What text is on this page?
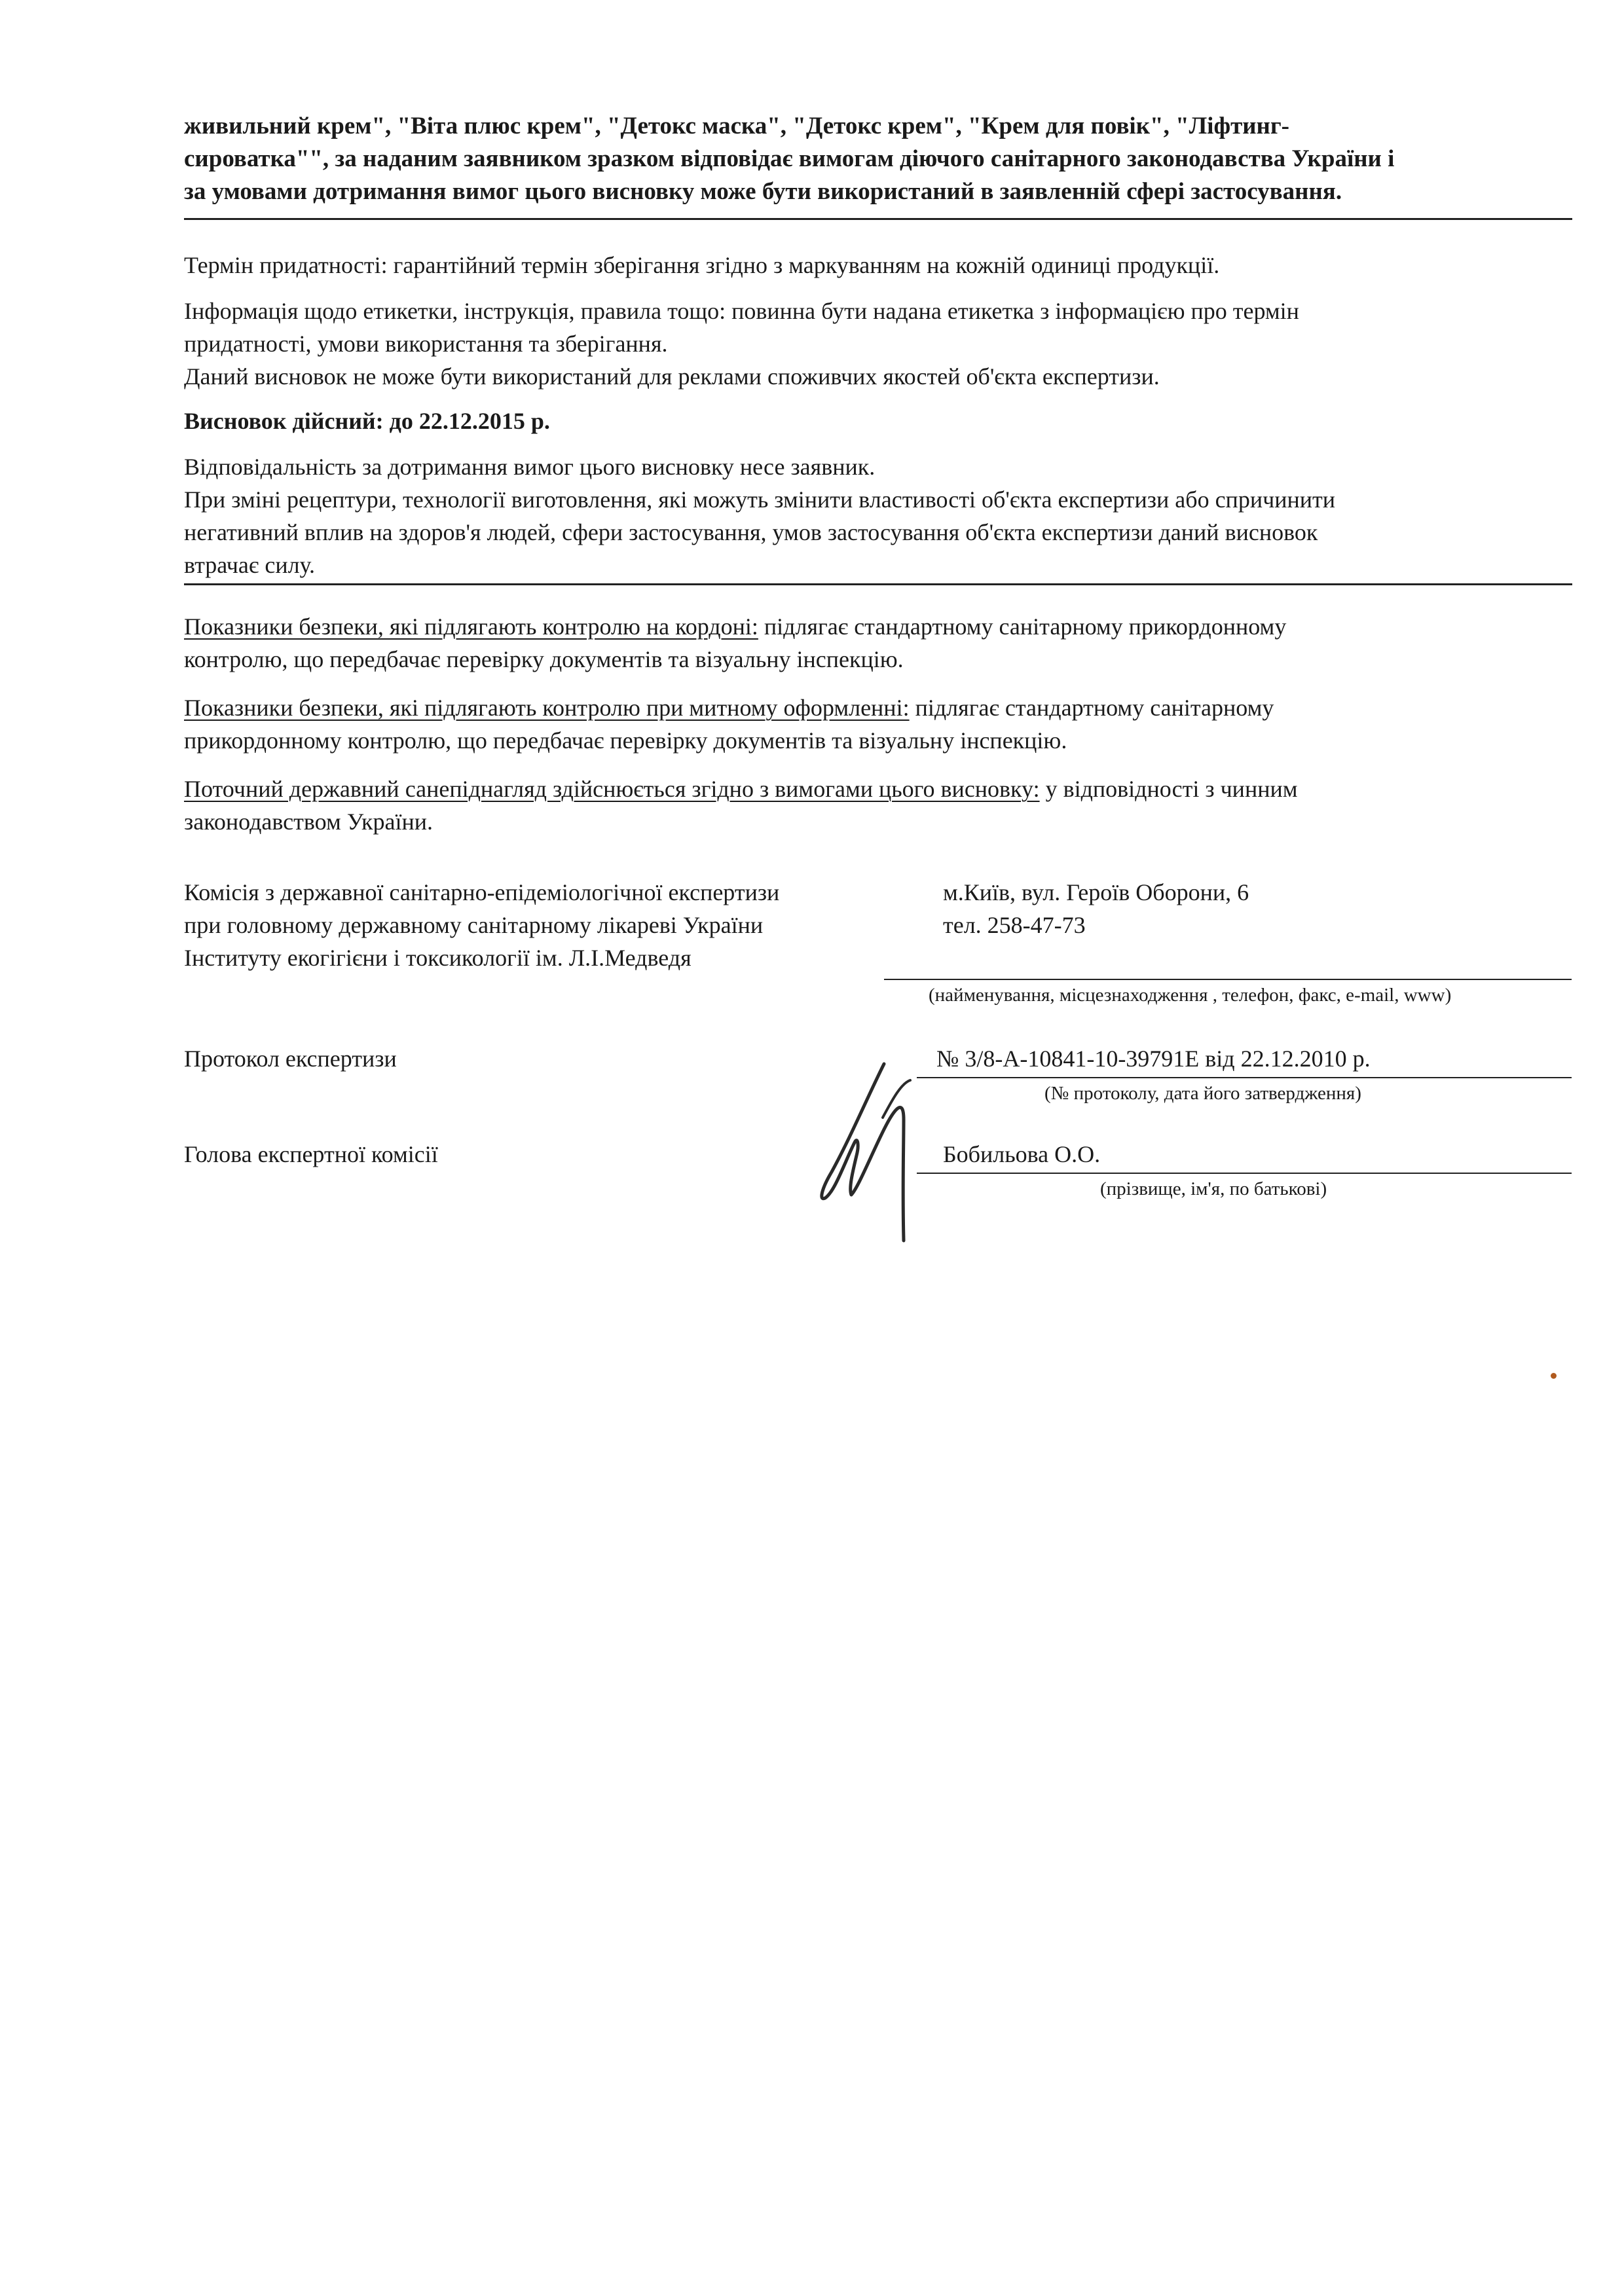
живильний крем", "Віта плюс крем", "Детокс маска", "Детокс крем", "Крем для повік", "Ліфтинг-

сироватка"", за наданим заявником зразком відповідає вимогам діючого санітарного законодавства України і

за умовами дотримання вимог цього висновку може бути використаний в заявленній сфері застосування.

Термін придатності: гарантійний термін зберігання згідно з маркуванням на кожній одиниці продукції.

Інформація щодо етикетки, інструкція, правила тощо: повинна бути надана етикетка з інформацією про термін

придатності, умови використання та зберігання.

Даний висновок не може бути використаний для реклами споживчих якостей об'єкта експертизи.

Висновок дійсний: до 22.12.2015 р.

Відповідальність за дотримання вимог цього висновку несе заявник.

При зміні рецептури, технології виготовлення, які можуть змінити властивості об'єкта експертизи або спричинити

негативний вплив на здоров'я людей, сфери застосування, умов застосування об'єкта експертизи даний висновок

втрачає силу.

Показники безпеки, які підлягають контролю на кордоні: підлягає стандартному санітарному прикордонному

контролю, що передбачає перевірку документів та візуальну інспекцію.

Показники безпеки, які підлягають контролю при митному оформленні: підлягає стандартному санітарному

прикордонному контролю, що передбачає перевірку документів та візуальну інспекцію.

Поточний державний санепіднагляд здійснюється згідно з вимогами цього висновку: у відповідності з чинним

законодавством України.

Комісія з державної санітарно-епідеміологічної експертизи

при головному державному санітарному лікареві України

Інституту екогігієни і токсикології ім. Л.І.Медведя

м.Київ, вул. Героїв Оборони, 6

тел. 258-47-73

(найменування, місцезнаходження , телефон, факс, e-mail, www)
Протокол експертизи	№ 3/8-А-10841-10-39791Е від 22.12.2010 р.
(№ протоколу, дата його затвердження)
Голова експертної комісії	Бобильова О.О.
(прізвище, ім'я, по батькові)
